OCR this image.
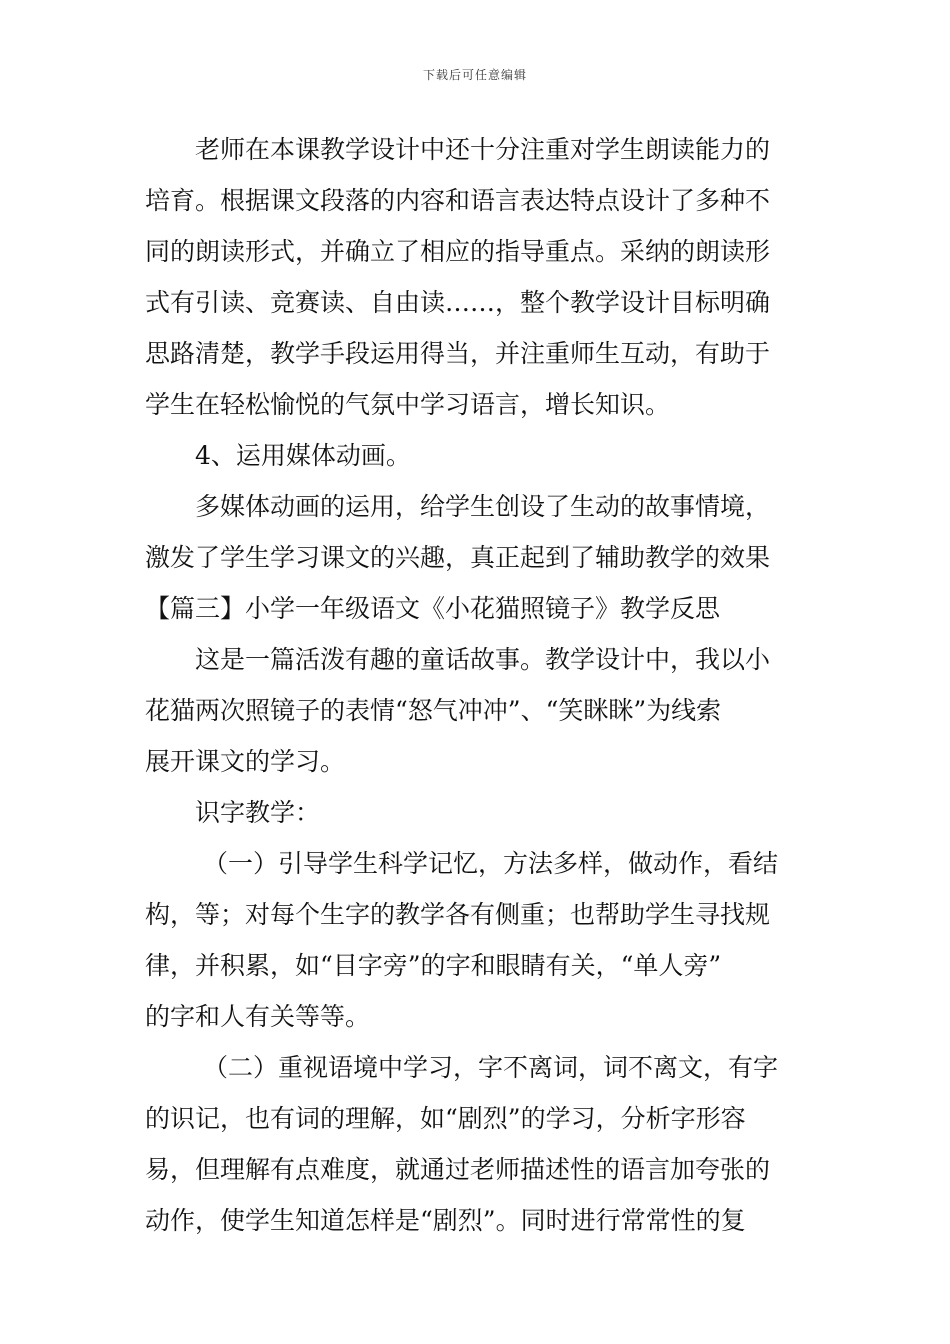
下载后可任意编辑
老师在本课教学设计中还十分注重对学生朗读能力的
培育。根据课文段落的内容和语言表达特点设计了多种不
同的朗读形式，并确立了相应的指导重点。采纳的朗读形
式有引读、竞赛读、自由读……，整个教学设计目标明确
思路清楚，教学手段运用得当，并注重师生互动，有助于
学生在轻松愉悦的气氛中学习语言，增长知识。
4、运用媒体动画。
多媒体动画的运用，给学生创设了生动的故事情境，
激发了学生学习课文的兴趣，真正起到了辅助教学的效果
【篇三】小学一年级语文《小花猫照镜子》教学反思
这是一篇活泼有趣的童话故事。教学设计中，我以小
花猫两次照镜子的表情“怒气冲冲”、“笑眯眯”为线索
展开课文的学习。
识字教学：
（一）引导学生科学记忆，方法多样，做动作，看结
构，等；对每个生字的教学各有侧重；也帮助学生寻找规
律，并积累，如“目字旁”的字和眼睛有关，“单人旁”
的字和人有关等等。
（二）重视语境中学习，字不离词，词不离文，有字
的识记，也有词的理解，如“剧烈”的学习，分析字形容
易，但理解有点难度，就通过老师描述性的语言加夸张的
动作，使学生知道怎样是“剧烈”。同时进行常常性的复
